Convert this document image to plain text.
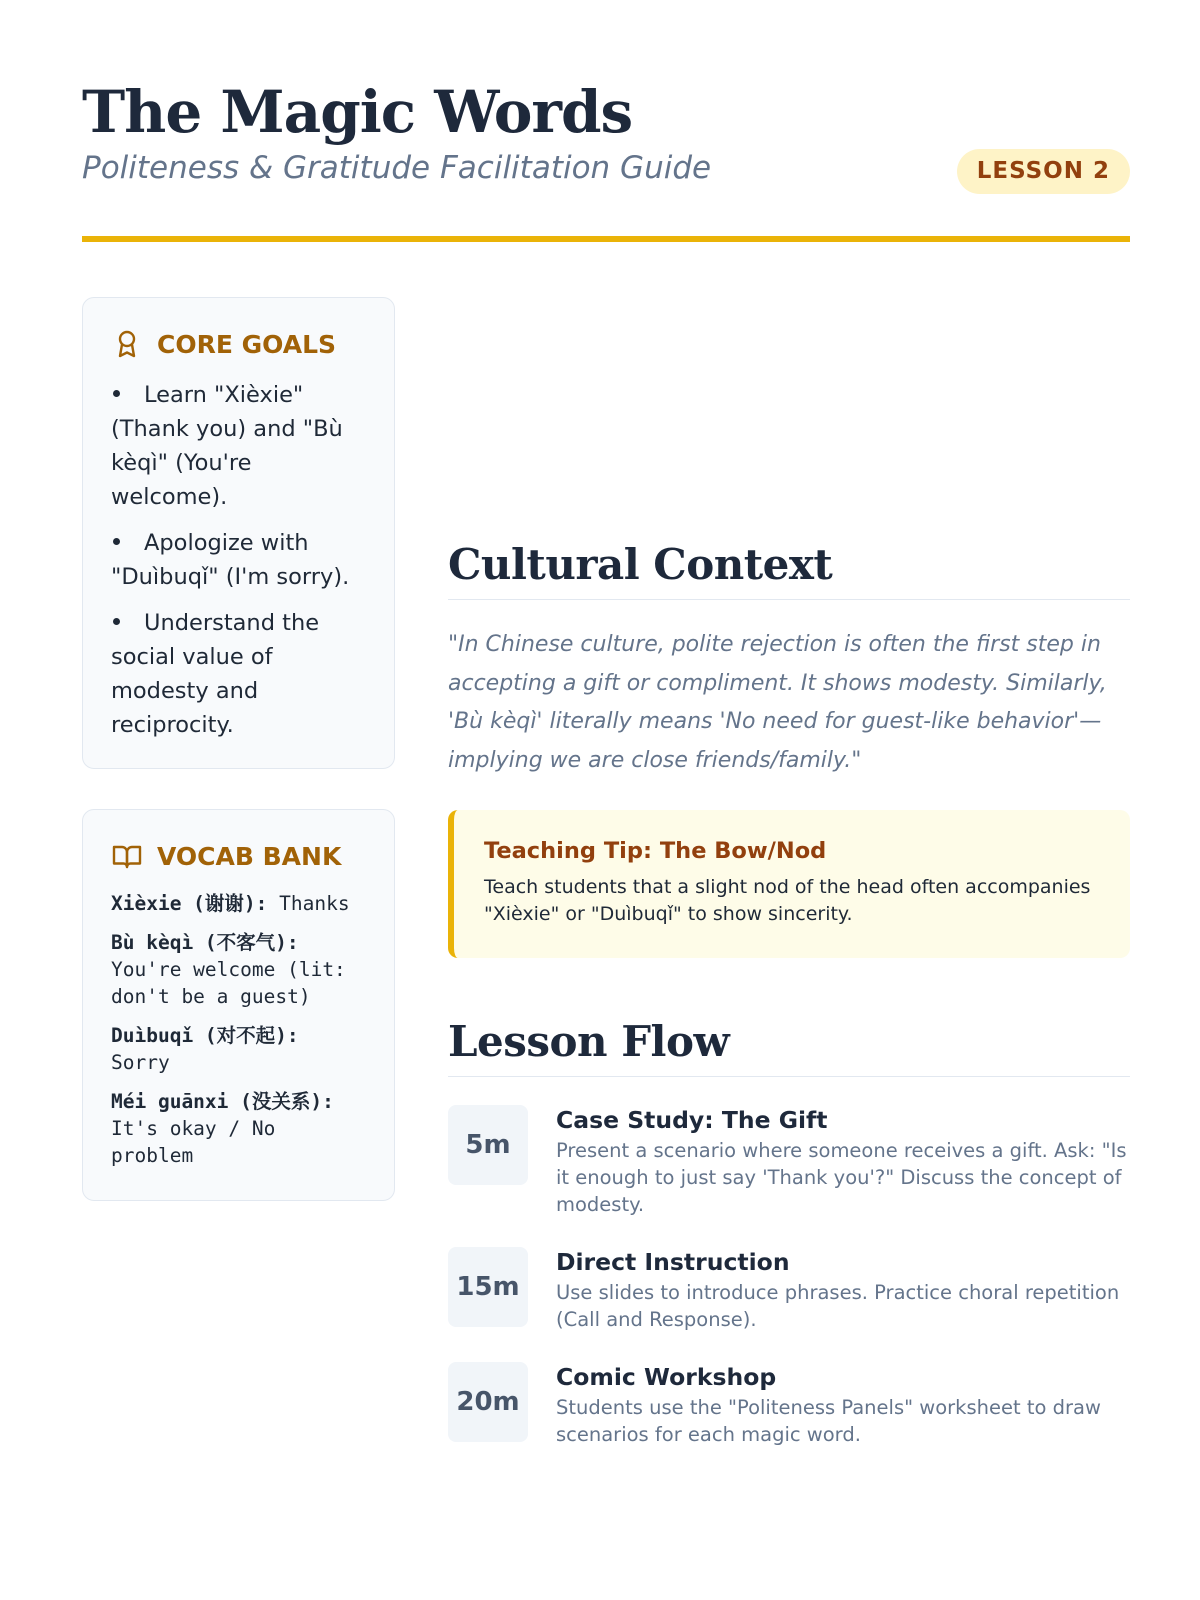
The Magic Words

Politeness & Gratitude Facilitation Guide	LESSON 2
CORE GOALS
Learn "Xièxie" (Thank you) and "Bù kèqì" (You're welcome).
Apologize with "Duìbuqǐ" (I'm sorry).
Understand the social value of modesty and reciprocity.
VOCAB BANK
Xièxie (谢谢): Thanks
Bù kèqì (不客气): You're welcome (lit: don't be a guest)
Duìbuqǐ (对不起): Sorry
Méi guānxi (没关系): It's okay / No problem
Cultural Context

"In Chinese culture, polite rejection is often the first step in accepting a gift or compliment. It shows modesty. Similarly, 'Bù kèqì' literally means 'No need for guest-like behavior'—implying we are close friends/family."

Teaching Tip: The Bow/Nod

Teach students that a slight nod of the head often accompanies "Xièxie" or "Duìbuqǐ" to show sincerity.

Lesson Flow
5m

Case Study: The Gift

Present a scenario where someone receives a gift. Ask: "Is it enough to just say 'Thank you'?" Discuss the concept of modesty.

15m

Direct Instruction

Use slides to introduce phrases. Practice choral repetition (Call and Response).

20m

Comic Workshop

Students use the "Politeness Panels" worksheet to draw scenarios for each magic word.
